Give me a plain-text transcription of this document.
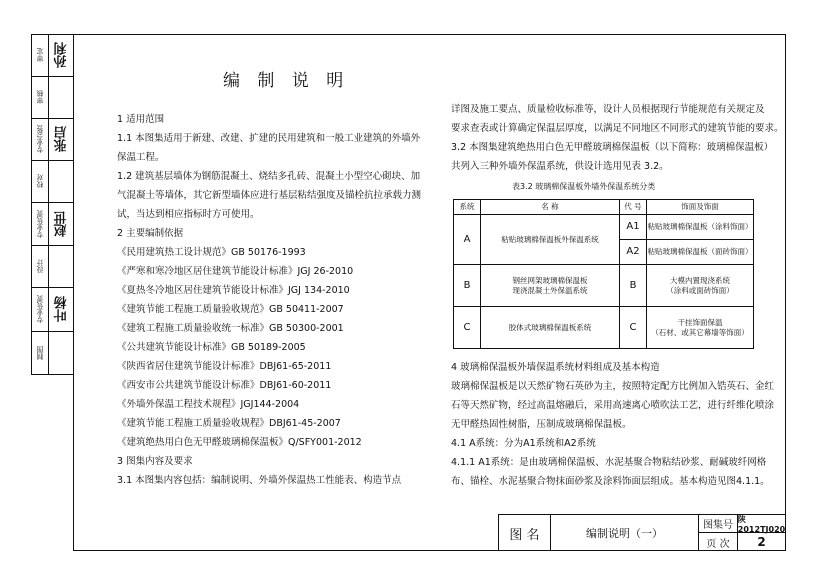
审定 孙利
审核
专业会签 张启
校对
专业负责 赵世
设计
专业负责 叶杨
制图
编 制 说 明

1 适用范围

1.1 本图集适用于新建、改建、扩建的民用建筑和一般工业建筑的外墙外

保温工程。

1.2 建筑基层墙体为钢筋混凝土、烧结多孔砖、混凝土小型空心砌块、加

气混凝土等墙体，其它新型墙体应进行基层粘结强度及锚栓抗拉承载力测

试，当达到相应指标时方可使用。

2 主要编制依据

《民用建筑热工设计规范》GB 50176-1993

《严寒和寒冷地区居住建筑节能设计标准》JGJ 26-2010

《夏热冬冷地区居住建筑节能设计标准》JGJ 134-2010

《建筑节能工程施工质量验收规范》GB 50411-2007

《建筑工程施工质量验收统一标准》GB 50300-2001

《公共建筑节能设计标准》GB 50189-2005

《陕西省居住建筑节能设计标准》DBJ61-65-2011

《西安市公共建筑节能设计标准》DBJ61-60-2011

《外墙外保温工程技术规程》JGJ144-2004

《建筑节能工程施工质量验收规程》DBJ61-45-2007

《建筑绝热用白色无甲醛玻璃棉保温板》Q/SFY001-2012

3 图集内容及要求

3.1 本图集内容包括：编制说明、外墙外保温热工性能表、构造节点

详图及施工要点、质量检收标准等，设计人员根据现行节能规范有关规定及

要求查表或计算确定保温层厚度，以满足不同地区不同形式的建筑节能的要求。

3.2 本图集建筑绝热用白色无甲醛玻璃棉保温板（以下简称：玻璃棉保温板）

共列入三种外墙外保温系统，供设计选用见表 3.2。

表3.2 玻璃棉保温板外墙外保温系统分类
系统	名 称	代 号	饰面及饰面
A	粘贴玻璃棉保温板外保温系统	A1	粘贴玻璃棉保温板（涂料饰面）
		A2	粘贴玻璃棉保温板（面砖饰面）
B	钢丝网架玻璃棉保温板
现浇混凝土外保温系统	B	大模内置现浇系统
（涂料或面砖饰面）
C	胶体式玻璃棉保温板系统	C	干挂饰面保温
（石材、或其它幕墙等饰面）

4 玻璃棉保温板外墙保温系统材料组成及基本构造

玻璃棉保温板是以天然矿物石英砂为主，按照特定配方比例加入锆英石、金红

石等天然矿物，经过高温熔融后，采用高速离心喷吹法工艺，进行纤维化喷涂

无甲醛热固性树脂，压制成玻璃棉保温板。

4.1 A系统：分为A1系统和A2系统

4.1.1 A1系统：是由玻璃棉保温板、水泥基聚合物粘结砂浆、耐碱玻纤网格

布、锚栓、水泥基聚合物抹面砂浆及涂料饰面层组成。基本构造见图4.1.1。

图 名	编制说明（一）
图集号
陕2012TJ020
页 次	2
